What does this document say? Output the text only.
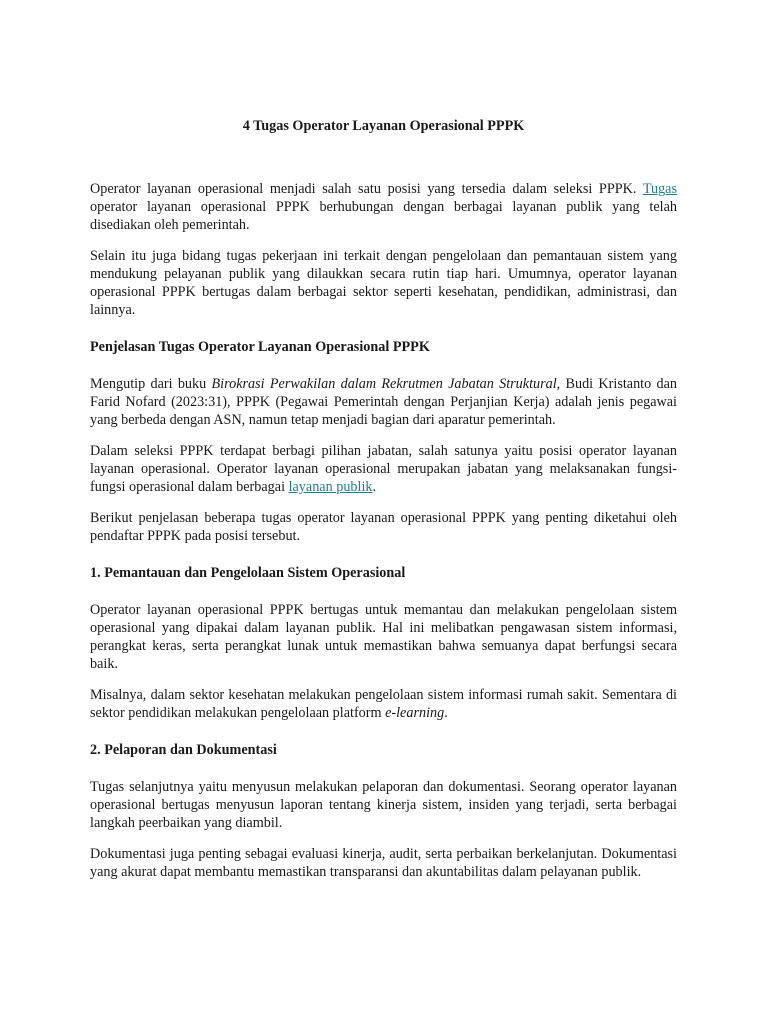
4 Tugas Operator Layanan Operasional PPPK

Operator layanan operasional menjadi salah satu posisi yang tersedia dalam seleksi PPPK. Tugas operator layanan operasional PPPK berhubungan dengan berbagai layanan publik yang telah disediakan oleh pemerintah.

Selain itu juga bidang tugas pekerjaan ini terkait dengan pengelolaan dan pemantauan sistem yang mendukung pelayanan publik yang dilaukkan secara rutin tiap hari. Umumnya, operator layanan operasional PPPK bertugas dalam berbagai sektor seperti kesehatan, pendidikan, administrasi, dan lainnya.

Penjelasan Tugas Operator Layanan Operasional PPPK

Mengutip dari buku Birokrasi Perwakilan dalam Rekrutmen Jabatan Struktural, Budi Kristanto dan Farid Nofard (2023:31), PPPK (Pegawai Pemerintah dengan Perjanjian Kerja) adalah jenis pegawai yang berbeda dengan ASN, namun tetap menjadi bagian dari aparatur pemerintah.

Dalam seleksi PPPK terdapat berbagi pilihan jabatan, salah satunya yaitu posisi operator layanan layanan operasional. Operator layanan operasional merupakan jabatan yang melaksanakan fungsi-fungsi operasional dalam berbagai layanan publik.

Berikut penjelasan beberapa tugas operator layanan operasional PPPK yang penting diketahui oleh pendaftar PPPK pada posisi tersebut.

1. Pemantauan dan Pengelolaan Sistem Operasional

Operator layanan operasional PPPK bertugas untuk memantau dan melakukan pengelolaan sistem operasional yang dipakai dalam layanan publik. Hal ini melibatkan pengawasan sistem informasi, perangkat keras, serta perangkat lunak untuk memastikan bahwa semuanya dapat berfungsi secara baik.

Misalnya, dalam sektor kesehatan melakukan pengelolaan sistem informasi rumah sakit. Sementara di sektor pendidikan melakukan pengelolaan platform e-learning.

2. Pelaporan dan Dokumentasi

Tugas selanjutnya yaitu menyusun melakukan pelaporan dan dokumentasi. Seorang operator layanan operasional bertugas menyusun laporan tentang kinerja sistem, insiden yang terjadi, serta berbagai langkah peerbaikan yang diambil.

Dokumentasi juga penting sebagai evaluasi kinerja, audit, serta perbaikan berkelanjutan. Dokumentasi yang akurat dapat membantu memastikan transparansi dan akuntabilitas dalam pelayanan publik.
